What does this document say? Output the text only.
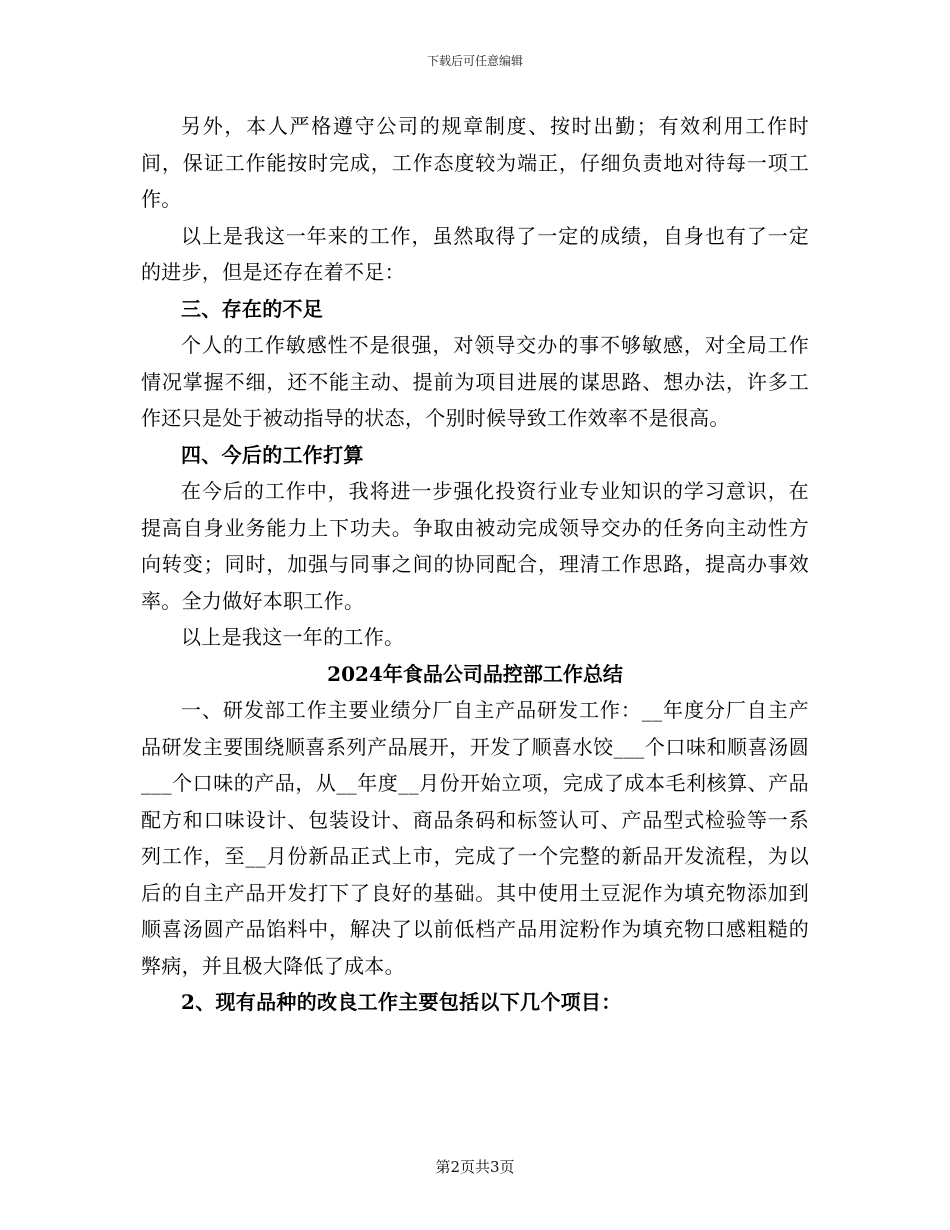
下载后可任意编辑

另外，本人严格遵守公司的规章制度、按时出勤；有效利用工作时间，保证工作能按时完成，工作态度较为端正，仔细负责地对待每一项工作。

以上是我这一年来的工作，虽然取得了一定的成绩，自身也有了一定的进步，但是还存在着不足：

三、存在的不足

个人的工作敏感性不是很强，对领导交办的事不够敏感，对全局工作情况掌握不细，还不能主动、提前为项目进展的谋思路、想办法，许多工作还只是处于被动指导的状态，个别时候导致工作效率不是很高。

四、今后的工作打算

在今后的工作中，我将进一步强化投资行业专业知识的学习意识，在提高自身业务能力上下功夫。争取由被动完成领导交办的任务向主动性方向转变；同时，加强与同事之间的协同配合，理清工作思路，提高办事效率。全力做好本职工作。

以上是我这一年的工作。

2024年食品公司品控部工作总结

一、研发部工作主要业绩分厂自主产品研发工作：__年度分厂自主产品研发主要围绕顺喜系列产品展开，开发了顺喜水饺___个口味和顺喜汤圆___个口味的产品，从__年度__月份开始立项，完成了成本毛利核算、产品配方和口味设计、包装设计、商品条码和标签认可、产品型式检验等一系列工作，至__月份新品正式上市，完成了一个完整的新品开发流程，为以后的自主产品开发打下了良好的基础。其中使用土豆泥作为填充物添加到顺喜汤圆产品馅料中，解决了以前低档产品用淀粉作为填充物口感粗糙的弊病，并且极大降低了成本。

2、现有品种的改良工作主要包括以下几个项目：

第2页共3页
